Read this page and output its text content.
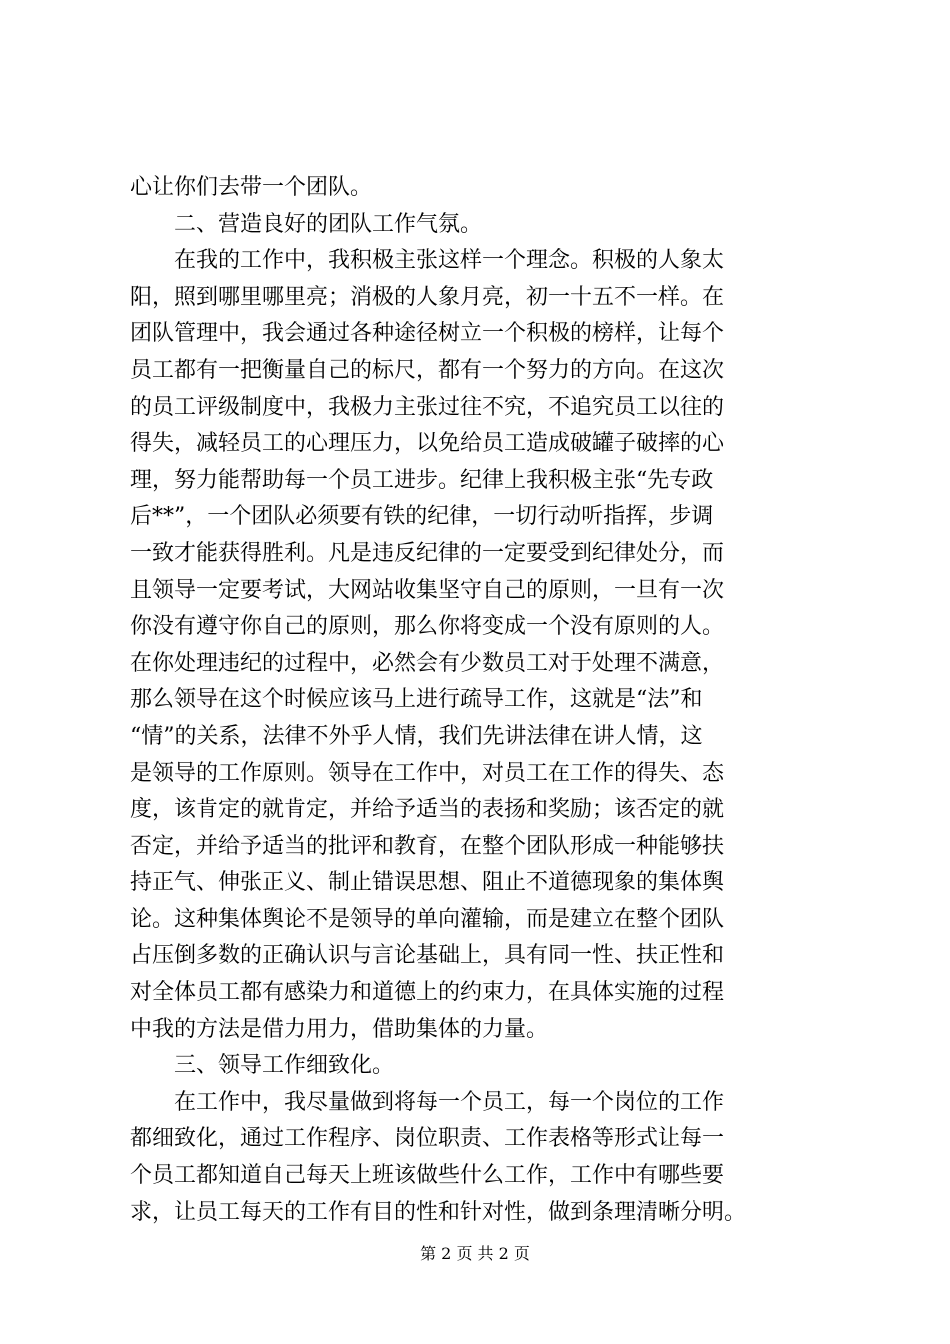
心让你们去带一个团队。
二、营造良好的团队工作气氛。
在我的工作中，我积极主张这样一个理念。积极的人象太
阳，照到哪里哪里亮；消极的人象月亮，初一十五不一样。在
团队管理中，我会通过各种途径树立一个积极的榜样，让每个
员工都有一把衡量自己的标尺，都有一个努力的方向。在这次
的员工评级制度中，我极力主张过往不究，不追究员工以往的
得失，减轻员工的心理压力，以免给员工造成破罐子破摔的心
理，努力能帮助每一个员工进步。纪律上我积极主张“先专政
后**”，一个团队必须要有铁的纪律，一切行动听指挥，步调
一致才能获得胜利。凡是违反纪律的一定要受到纪律处分，而
且领导一定要考试，大网站收集坚守自己的原则，一旦有一次
你没有遵守你自己的原则，那么你将变成一个没有原则的人。
在你处理违纪的过程中，必然会有少数员工对于处理不满意，
那么领导在这个时候应该马上进行疏导工作，这就是“法”和
“情”的关系，法律不外乎人情，我们先讲法律在讲人情，这
是领导的工作原则。领导在工作中，对员工在工作的得失、态
度，该肯定的就肯定，并给予适当的表扬和奖励；该否定的就
否定，并给予适当的批评和教育，在整个团队形成一种能够扶
持正气、伸张正义、制止错误思想、阻止不道德现象的集体舆
论。这种集体舆论不是领导的单向灌输，而是建立在整个团队
占压倒多数的正确认识与言论基础上，具有同一性、扶正性和
对全体员工都有感染力和道德上的约束力，在具体实施的过程
中我的方法是借力用力，借助集体的力量。
三、领导工作细致化。
在工作中，我尽量做到将每一个员工，每一个岗位的工作
都细致化，通过工作程序、岗位职责、工作表格等形式让每一
个员工都知道自己每天上班该做些什么工作，工作中有哪些要
求，让员工每天的工作有目的性和针对性，做到条理清晰分明。
第 2 页 共 2 页
